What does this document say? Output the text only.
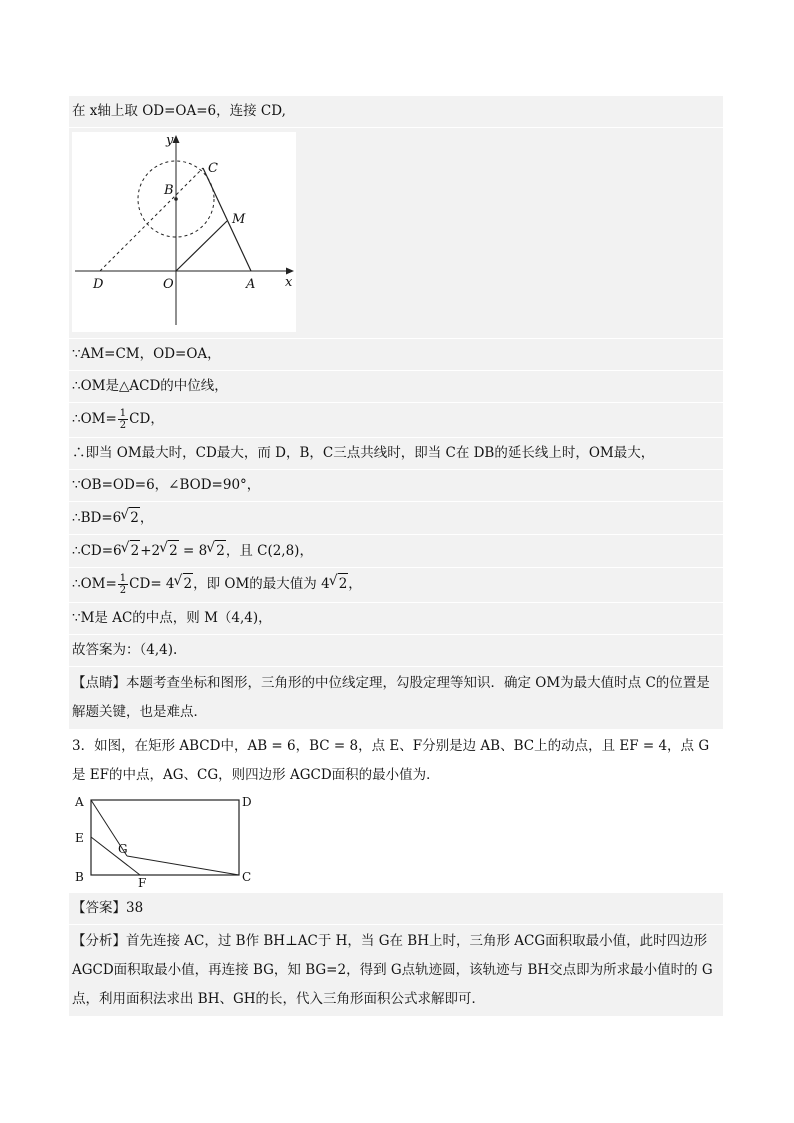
在 x轴上取 OD=OA=6，连接 CD,
y
C
B
M
D	O	A x
∵AM=CM，OD=OA，
∴OM是△ACD的中位线，
∴OM= $\frac{1}{2}$ CD，
∴即当 OM最大时，CD最大，而 D，B，C三点共线时，即当 C在 DB的延长线上时，OM最大，
∵OB=OD=6，∠BOD=90°，
∴BD=6√ 2，
∴CD=6√ 2+2√ 2 = 8√ 2，且 C(2,8)，
∴OM= $\frac{1}{2} CD= 4√$ 2，即 OM的最大值为 4√ 2，
∵M是 AC的中点，则 M（4,4)，
故答案为：（4,4).
【点睛】本题考查坐标和图形，三角形的中位线定理，勾股定理等知识．确定 OM为最大值时点 C的位置是解题关键，也是难点．
3．如图，在矩形 ABCD中，AB = 6，BC = 8，点 E、F分别是边 AB、BC上的动点，且 EF = 4，点 G是 EF的中点，AG、CG，则四边形 AGCD面积的最小值为．
A	D
E
G
B	F	C
【答案】38
【分析】首先连接 AC，过 B作 BH⊥AC于 H，当 G在 BH上时，三角形 ACG面积取最小值，此时四边形 AGCD面积取最小值，再连接 BG，知 BG=2，得到 G点轨迹圆，该轨迹与 BH交点即为所求最小值时的 G点，利用面积法求出 BH、GH的长，代入三角形面积公式求解即可．
